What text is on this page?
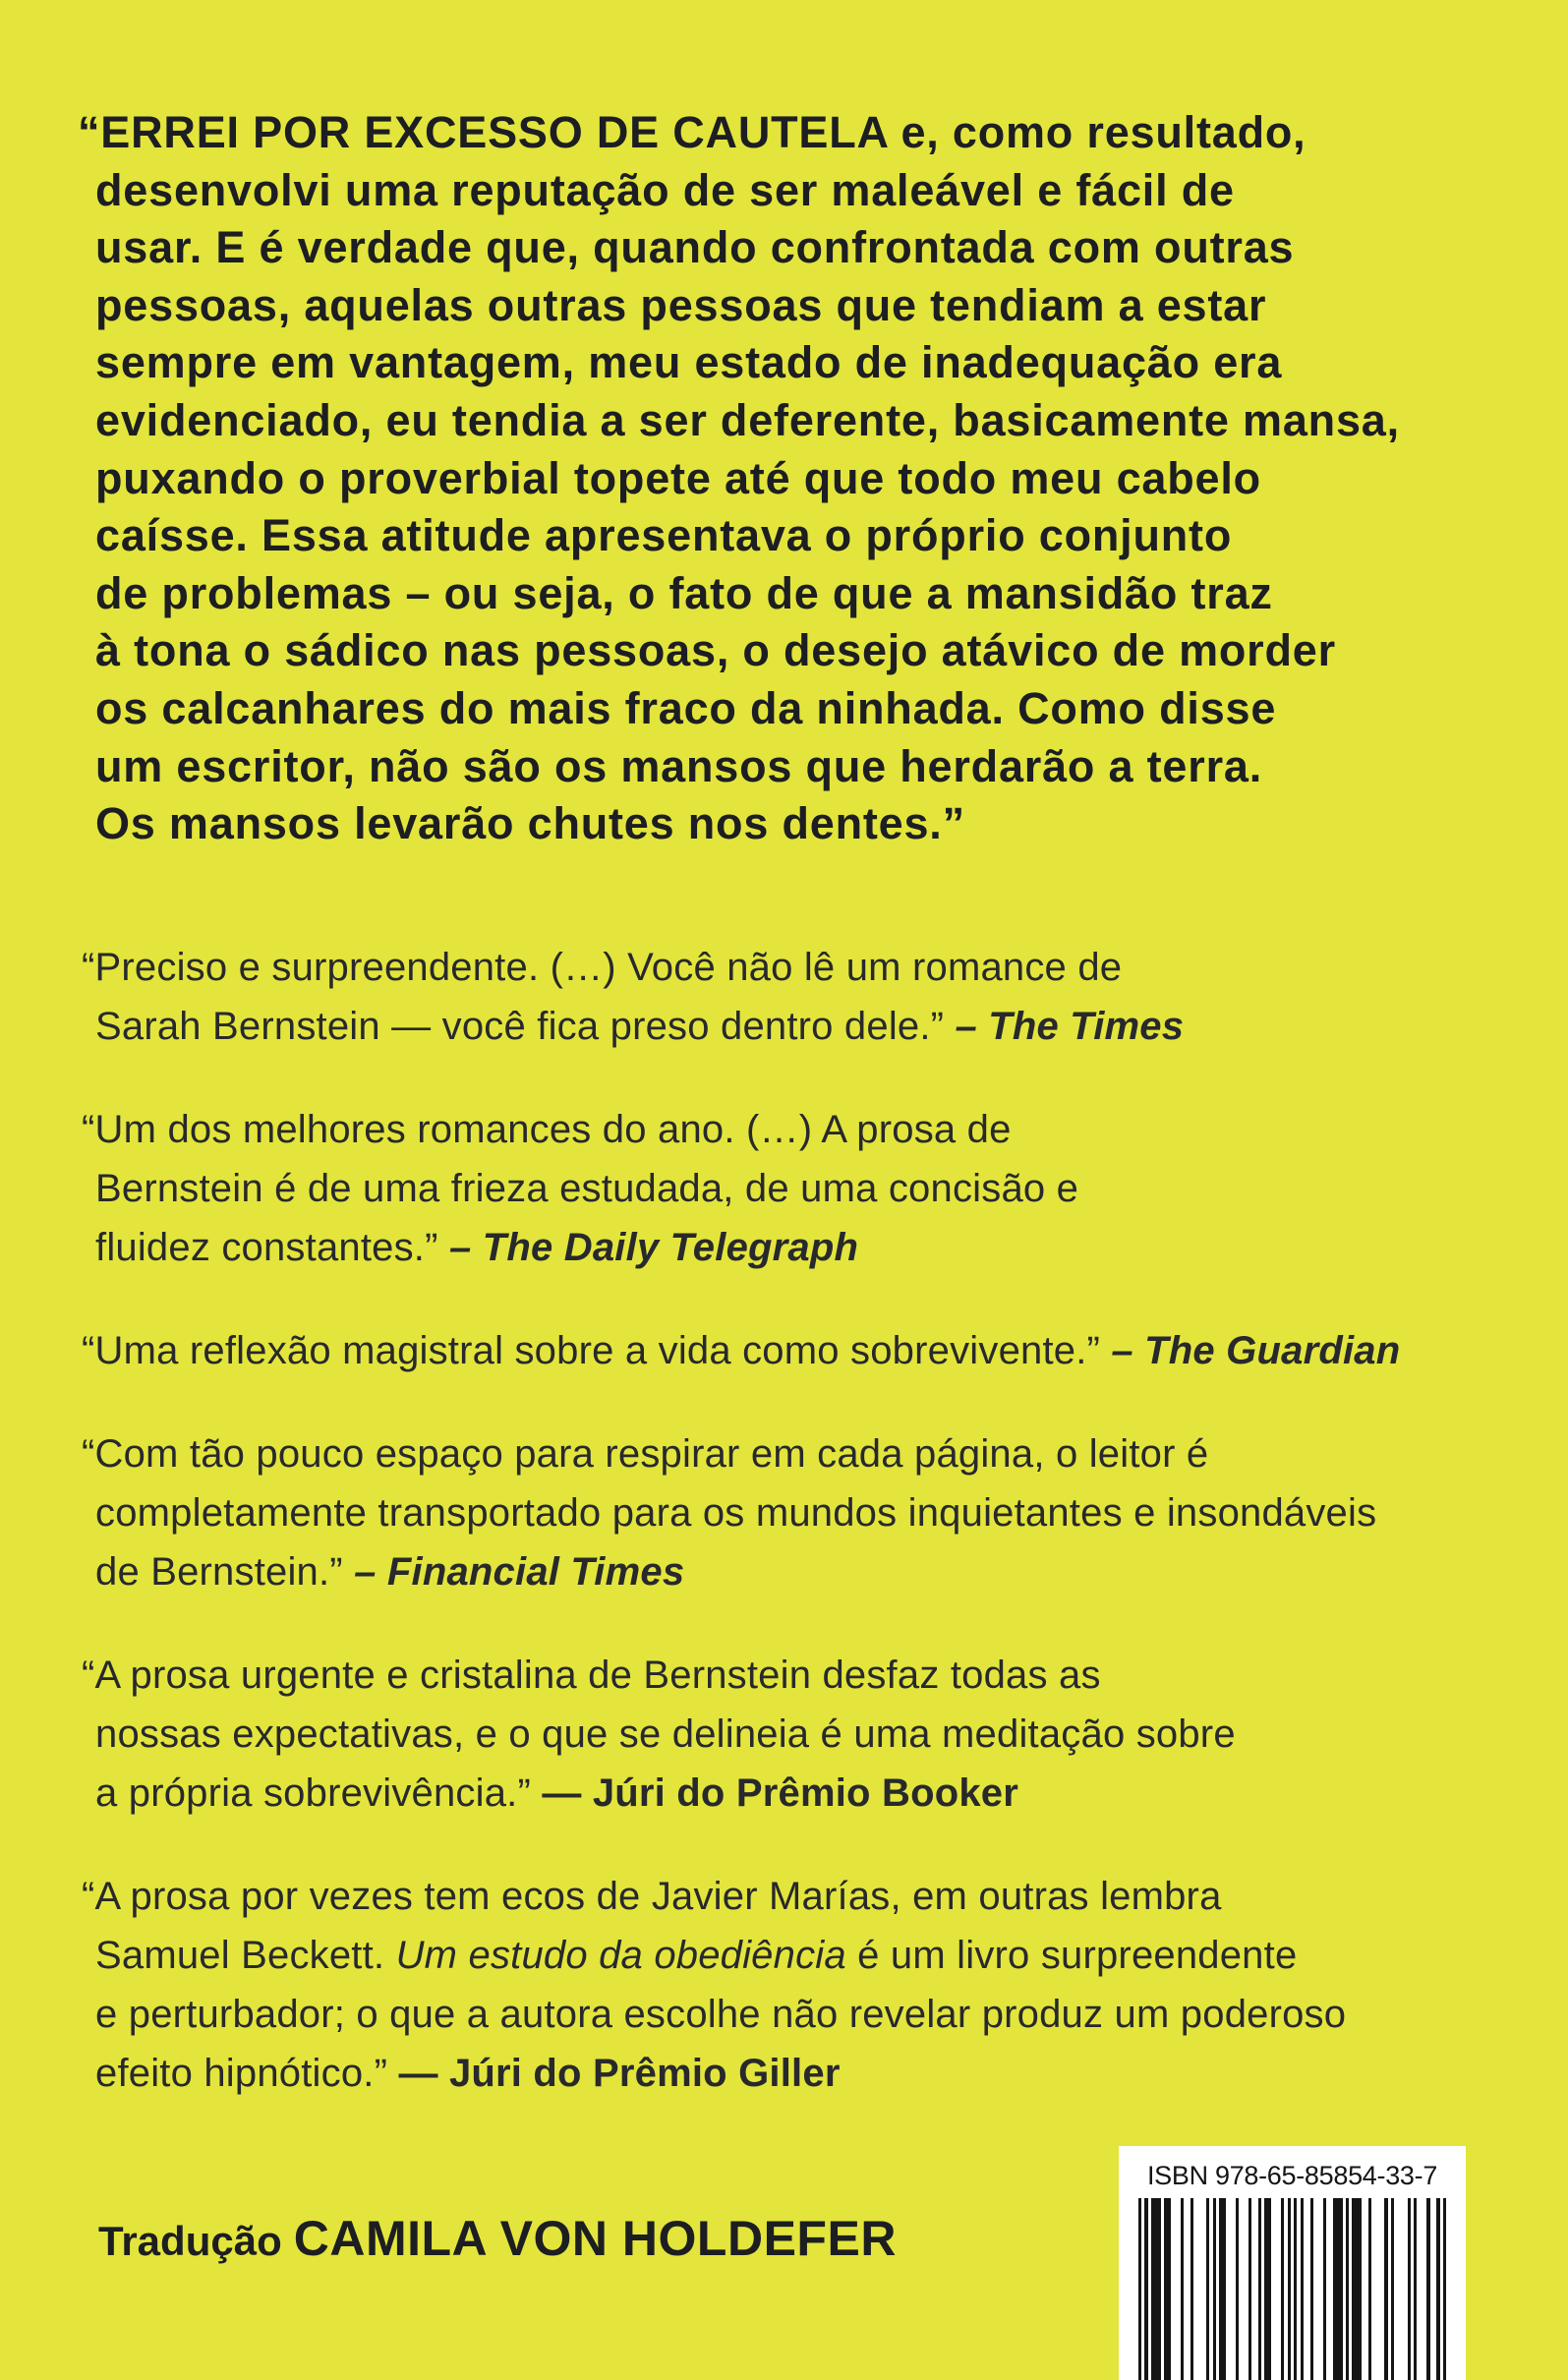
“ERREI POR EXCESSO DE CAUTELA e, como resultado,
desenvolvi uma reputação de ser maleável e fácil de
usar. E é verdade que, quando confrontada com outras
pessoas, aquelas outras pessoas que tendiam a estar
sempre em vantagem, meu estado de inadequação era
evidenciado, eu tendia a ser deferente, basicamente mansa,
puxando o proverbial topete até que todo meu cabelo
caísse. Essa atitude apresentava o próprio conjunto
de problemas – ou seja, o fato de que a mansidão traz
à tona o sádico nas pessoas, o desejo atávico de morder
os calcanhares do mais fraco da ninhada. Como disse
um escritor, não são os mansos que herdarão a terra.
Os mansos levarão chutes nos dentes.”
“Preciso e surpreendente. (…) Você não lê um romance de
Sarah Bernstein — você fica preso dentro dele.” – The Times
“Um dos melhores romances do ano. (…) A prosa de
Bernstein é de uma frieza estudada, de uma concisão e
fluidez constantes.” – The Daily Telegraph
“Uma reflexão magistral sobre a vida como sobrevivente.” – The Guardian
“Com tão pouco espaço para respirar em cada página, o leitor é
completamente transportado para os mundos inquietantes e insondáveis
de Bernstein.” – Financial Times
“A prosa urgente e cristalina de Bernstein desfaz todas as
nossas expectativas, e o que se delineia é uma meditação sobre
a própria sobrevivência.” — Júri do Prêmio Booker
“A prosa por vezes tem ecos de Javier Marías, em outras lembra
Samuel Beckett. Um estudo da obediência é um livro surpreendente
e perturbador; o que a autora escolhe não revelar produz um poderoso
efeito hipnótico.” — Júri do Prêmio Giller
Tradução CAMILA VON HOLDEFER
ISBN 978-65-85854-33-7
